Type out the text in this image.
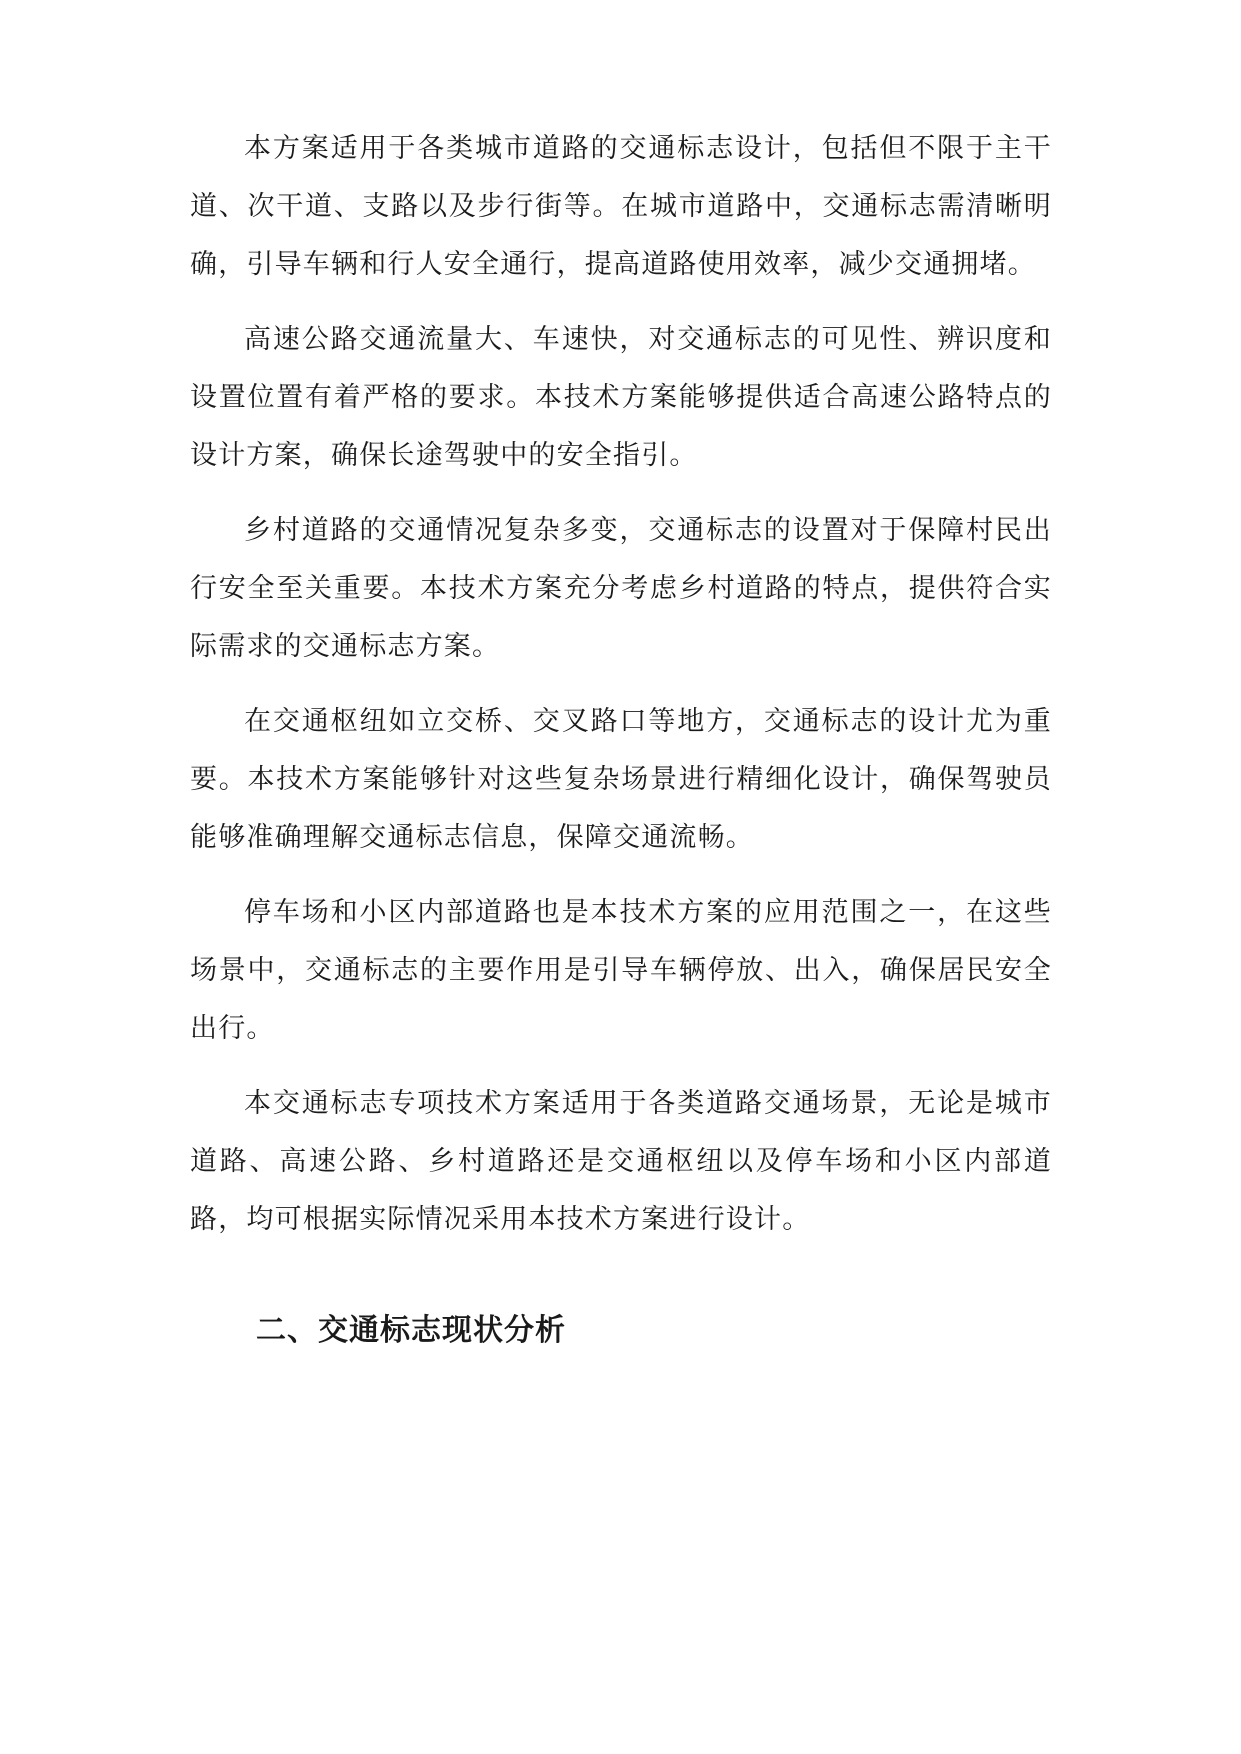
本方案适用于各类城市道路的交通标志设计，包括但不限于主干道、次干道、支路以及步行街等。在城市道路中，交通标志需清晰明确，引导车辆和行人安全通行，提高道路使用效率，减少交通拥堵。

高速公路交通流量大、车速快，对交通标志的可见性、辨识度和设置位置有着严格的要求。本技术方案能够提供适合高速公路特点的设计方案，确保长途驾驶中的安全指引。

乡村道路的交通情况复杂多变，交通标志的设置对于保障村民出行安全至关重要。本技术方案充分考虑乡村道路的特点，提供符合实际需求的交通标志方案。

在交通枢纽如立交桥、交叉路口等地方，交通标志的设计尤为重要。本技术方案能够针对这些复杂场景进行精细化设计，确保驾驶员能够准确理解交通标志信息，保障交通流畅。

停车场和小区内部道路也是本技术方案的应用范围之一，在这些场景中，交通标志的主要作用是引导车辆停放、出入，确保居民安全出行。

本交通标志专项技术方案适用于各类道路交通场景，无论是城市道路、高速公路、乡村道路还是交通枢纽以及停车场和小区内部道路，均可根据实际情况采用本技术方案进行设计。

二、交通标志现状分析
